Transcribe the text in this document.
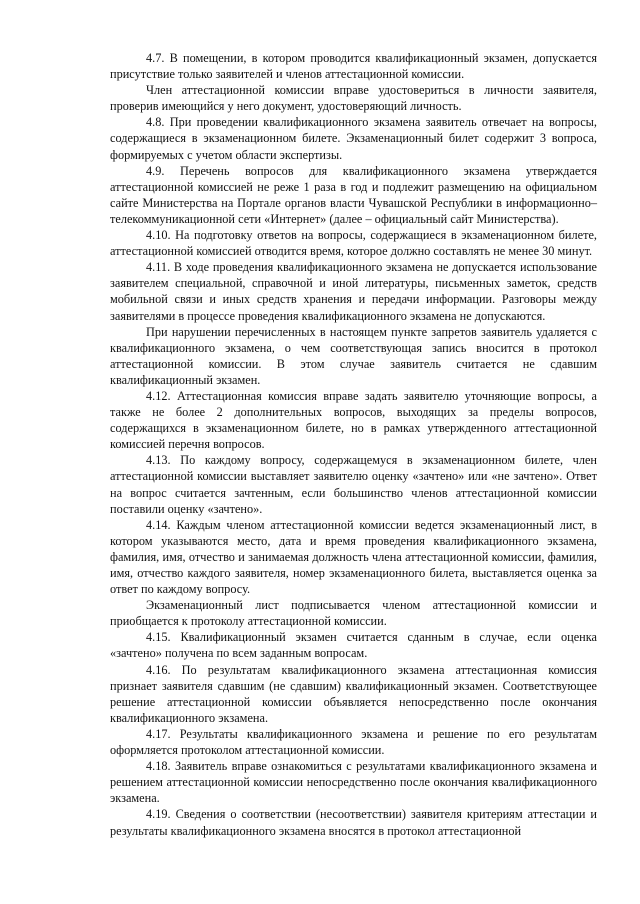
4.7. В помещении, в котором проводится квалификационный экзамен, допускается присутствие только заявителей и членов аттестационной комиссии.

Член аттестационной комиссии вправе удостовериться в личности заявителя, проверив имеющийся у него документ, удостоверяющий личность.

4.8. При проведении квалификационного экзамена заявитель отвечает на вопросы, содержащиеся в экзаменационном билете. Экзаменационный билет содержит 3 вопроса, формируемых с учетом области экспертизы.

4.9. Перечень вопросов для квалификационного экзамена утверждается аттестационной комиссией не реже 1 раза в год и подлежит размещению на официальном сайте Министерства на Портале органов власти Чувашской Республики в информационно–телекоммуникационной сети «Интернет» (далее – официальный сайт Министерства).

4.10. На подготовку ответов на вопросы, содержащиеся в экзаменационном билете, аттестационной комиссией отводится время, которое должно составлять не менее 30 минут.

4.11. В ходе проведения квалификационного экзамена не допускается использование заявителем специальной, справочной и иной литературы, письменных заметок, средств мобильной связи и иных средств хранения и передачи информации. Разговоры между заявителями в процессе проведения квалификационного экзамена не допускаются.

При нарушении перечисленных в настоящем пункте запретов заявитель удаляется с квалификационного экзамена, о чем соответствующая запись вносится в протокол аттестационной комиссии. В этом случае заявитель считается не сдавшим квалификационный экзамен.

4.12. Аттестационная комиссия вправе задать заявителю уточняющие вопросы, а также не более 2 дополнительных вопросов, выходящих за пределы вопросов, содержащихся в экзаменационном билете, но в рамках утвержденного аттестационной комиссией перечня вопросов.

4.13. По каждому вопросу, содержащемуся в экзаменационном билете, член аттестационной комиссии выставляет заявителю оценку «зачтено» или «не зачтено». Ответ на вопрос считается зачтенным, если большинство членов аттестационной комиссии поставили оценку «зачтено».

4.14. Каждым членом аттестационной комиссии ведется экзаменационный лист, в котором указываются место, дата и время проведения квалификационного экзамена, фамилия, имя, отчество и занимаемая должность члена аттестационной комиссии, фамилия, имя, отчество каждого заявителя, номер экзаменационного билета, выставляется оценка за ответ по каждому вопросу.

Экзаменационный лист подписывается членом аттестационной комиссии и приобщается к протоколу аттестационной комиссии.

4.15. Квалификационный экзамен считается сданным в случае, если оценка «зачтено» получена по всем заданным вопросам.

4.16. По результатам квалификационного экзамена аттестационная комиссия признает заявителя сдавшим (не сдавшим) квалификационный экзамен. Соответствующее решение аттестационной комиссии объявляется непосредственно после окончания квалификационного экзамена.

4.17. Результаты квалификационного экзамена и решение по его результатам оформляется протоколом аттестационной комиссии.

4.18. Заявитель вправе ознакомиться с результатами квалификационного экзамена и решением аттестационной комиссии непосредственно после окончания квалификационного экзамена.

4.19. Сведения о соответствии (несоответствии) заявителя критериям аттестации и результаты квалификационного экзамена вносятся в протокол аттестационной
